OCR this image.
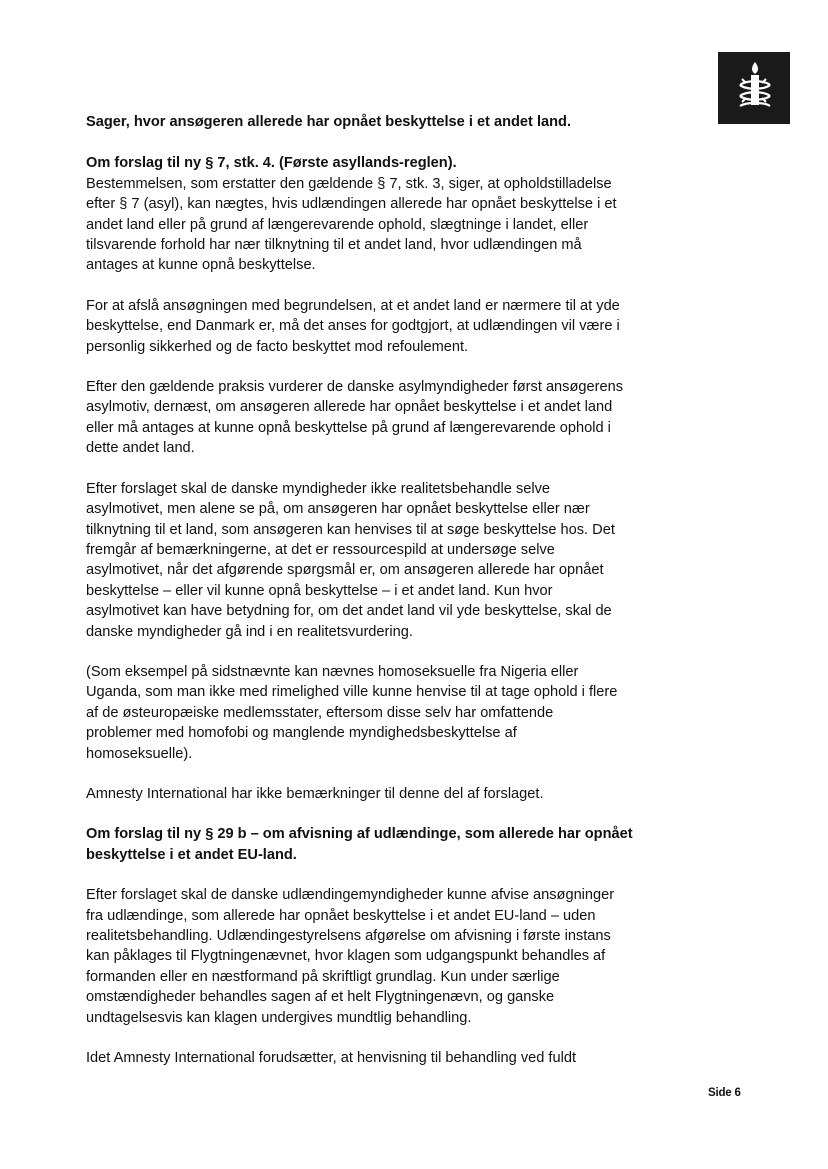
Sager, hvor ansøgeren allerede har opnået beskyttelse i et andet land.

Om forslag til ny § 7, stk. 4. (Første asyllands-reglen).

Bestemmelsen, som erstatter den gældende § 7, stk. 3, siger, at opholdstilladelse
efter § 7 (asyl), kan nægtes, hvis udlændingen allerede har opnået beskyttelse i et
andet land eller på grund af længerevarende ophold, slægtninge i landet, eller
tilsvarende forhold har nær tilknytning til et andet land, hvor udlændingen må
antages at kunne opnå beskyttelse.

For at afslå ansøgningen med begrundelsen, at et andet land er nærmere til at yde
beskyttelse, end Danmark er, må det anses for godtgjort, at udlændingen vil være i
personlig sikkerhed og de facto beskyttet mod refoulement.

Efter den gældende praksis vurderer de danske asylmyndigheder først ansøgerens
asylmotiv, dernæst, om ansøgeren allerede har opnået beskyttelse i et andet land
eller må antages at kunne opnå beskyttelse på grund af længerevarende ophold i
dette andet land.

Efter forslaget skal de danske myndigheder ikke realitetsbehandle selve
asylmotivet, men alene se på, om ansøgeren har opnået beskyttelse eller nær
tilknytning til et land, som ansøgeren kan henvises til at søge beskyttelse hos. Det
fremgår af bemærkningerne, at det er ressourcespild at undersøge selve
asylmotivet, når det afgørende spørgsmål er, om ansøgeren allerede har opnået
beskyttelse – eller vil kunne opnå beskyttelse – i et andet land. Kun hvor
asylmotivet kan have betydning for, om det andet land vil yde beskyttelse, skal de
danske myndigheder gå ind i en realitetsvurdering.

(Som eksempel på sidstnævnte kan nævnes homoseksuelle fra Nigeria eller
Uganda, som man ikke med rimelighed ville kunne henvise til at tage ophold i flere
af de østeuropæiske medlemsstater, eftersom disse selv har omfattende
problemer med homofobi og manglende myndighedsbeskyttelse af
homoseksuelle).

Amnesty International har ikke bemærkninger til denne del af forslaget.

Om forslag til ny § 29 b – om afvisning af udlændinge, som allerede har opnået
beskyttelse i et andet EU-land.

Efter forslaget skal de danske udlændingemyndigheder kunne afvise ansøgninger
fra udlændinge, som allerede har opnået beskyttelse i et andet EU-land – uden
realitetsbehandling. Udlændingestyrelsens afgørelse om afvisning i første instans
kan påklages til Flygtningenævnet, hvor klagen som udgangspunkt behandles af
formanden eller en næstformand på skriftligt grundlag. Kun under særlige
omstændigheder behandles sagen af et helt Flygtningenævn, og ganske
undtagelsesvis kan klagen undergives mundtlig behandling.

Idet Amnesty International forudsætter, at henvisning til behandling ved fuldt

Side 6
